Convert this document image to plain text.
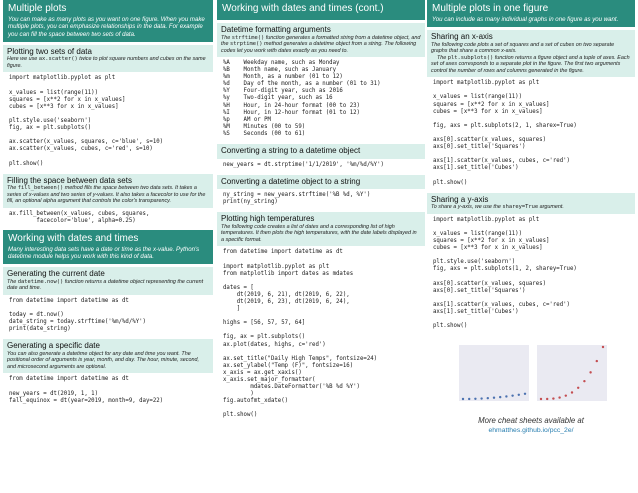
Multiple plots

You can make as many plots as you want on one figure. When you make multiple plots, you can emphasize relationships in the data. For example you can fill the space between two sets of data.

Plotting two sets of data

Here we use ax.scatter() twice to plot square numbers and cubes on the same figure.

import matplotlib.pyplot as plt

x_values = list(range(11))
squares = [x**2 for x in x_values]
cubes = [x**3 for x in x_values]

plt.style.use('seaborn')
fig, ax = plt.subplots()

ax.scatter(x_values, squares, c='blue', s=10)
ax.scatter(x_values, cubes, c='red', s=10)

plt.show()
Filling the space between data sets

The fill_between() method fills the space between two data sets. It takes a series of x-values and two series of y-values. It also takes a facecolor to use for the fill, an optional alpha argument that controls the color's transparency.

ax.fill_between(x_values, cubes, squares,
facecolor='blue', alpha=0.25)
Working with dates and times

Many interesting data sets have a date or time as the x-value. Python's datetime module helps you work with this kind of data.

Generating the current date

The datetime.now() function returns a datetime object representing the current date and time.

from datetime import datetime as dt

today = dt.now()
date_string = today.strftime('%m/%d/%Y')
print(date_string)
Generating a specific date

You can also generate a datetime object for any date and time you want. The positional order of arguments is year, month, and day. The hour, minute, second, and microsecond arguments are optional.

from datetime import datetime as dt

new_years = dt(2019, 1, 1)
fall_equinox = dt(year=2019, month=9, day=22)
Working with dates and times (cont.)
Datetime formatting arguments

The strftime() function generates a formatted string from a datetime object, and the strptime() method generates a datetime object from a string. The following codes let you work with dates exactly as you need to.

%A    Weekday name, such as Monday
%B    Month name, such as January
%m    Month, as a number (01 to 12)
%d    Day of the month, as a number (01 to 31)
%Y    Four-digit year, such as 2016
%y    Two-digit year, such as 16
%H    Hour, in 24-hour format (00 to 23)
%I    Hour, in 12-hour format (01 to 12)
%p    AM or PM
%M    Minutes (00 to 59)
%S    Seconds (00 to 61)
Converting a string to a datetime object
new_years = dt.strptime('1/1/2019', '%m/%d/%Y')
Converting a datetime object to a string
ny_string = new_years.strftime('%B %d, %Y')
print(ny_string)
Plotting high temperatures

The following code creates a list of dates and a corresponding list of high temperatures. It then plots the high temperatures, with the date labels displayed in a specific format.

from datetime import datetime as dt

import matplotlib.pyplot as plt
from matplotlib import dates as mdates

dates = [
dt(2019, 6, 21), dt(2019, 6, 22),
dt(2019, 6, 23), dt(2019, 6, 24),
]

highs = [56, 57, 57, 64]

fig, ax = plt.subplots()
ax.plot(dates, highs, c='red')

ax.set_title("Daily High Temps", fontsize=24)
ax.set_ylabel("Temp (F)", fontsize=16)
x_axis = ax.get_xaxis()
x_axis.set_major_formatter(
mdates.DateFormatter('%B %d %Y')
)
fig.autofmt_xdate()

plt.show()
Multiple plots in one figure

You can include as many individual graphs in one figure as you want.

Sharing an x-axis

The following code plots a set of squares and a set of cubes on two separate graphs that share a common x-axis.

The plt.subplots() function returns a figure object and a tuple of axes. Each set of axes corresponds to a separate plot in the figure. The first two arguments control the number of rows and columns generated in the figure.

import matplotlib.pyplot as plt

x_values = list(range(11))
squares = [x**2 for x in x_values]
cubes = [x**3 for x in x_values]

fig, axs = plt.subplots(2, 1, sharex=True)

axs[0].scatter(x_values, squares)
axs[0].set_title('Squares')

axs[1].scatter(x_values, cubes, c='red')
axs[1].set_title('Cubes')

plt.show()
Sharing a y-axis

To share a y-axis, we use the sharey=True argument.

import matplotlib.pyplot as plt

x_values = list(range(11))
squares = [x**2 for x in x_values]
cubes = [x**3 for x in x_values]

plt.style.use('seaborn')
fig, axs = plt.subplots(1, 2, sharey=True)

axs[0].scatter(x_values, squares)
axs[0].set_title('Squares')

axs[1].scatter(x_values, cubes, c='red')
axs[1].set_title('Cubes')

plt.show()
More cheat sheets available at
ehmatthes.github.io/pcc_2e/
